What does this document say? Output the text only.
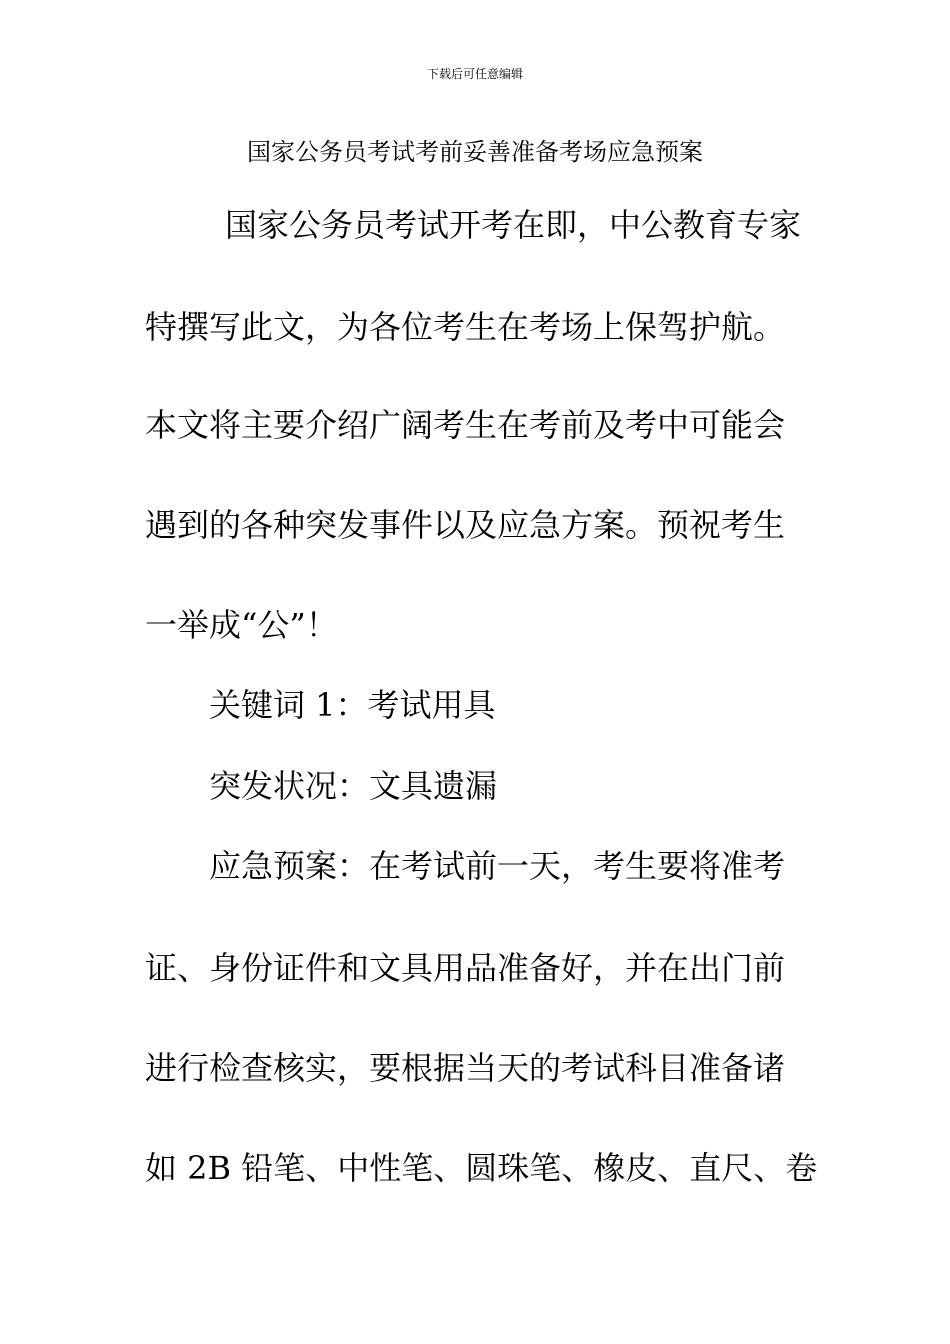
下载后可任意编辑
国家公务员考试考前妥善准备考场应急预案
国家公务员考试开考在即，中公教育专家
特撰写此文，为各位考生在考场上保驾护航。
本文将主要介绍广阔考生在考前及考中可能会
遇到的各种突发事件以及应急方案。预祝考生
一举成“公”！
关键词 1：考试用具
突发状况：文具遗漏
应急预案：在考试前一天，考生要将准考
证、身份证件和文具用品准备好，并在出门前
进行检查核实，要根据当天的考试科目准备诸
如 2B 铅笔、中性笔、圆珠笔、橡皮、直尺、卷
